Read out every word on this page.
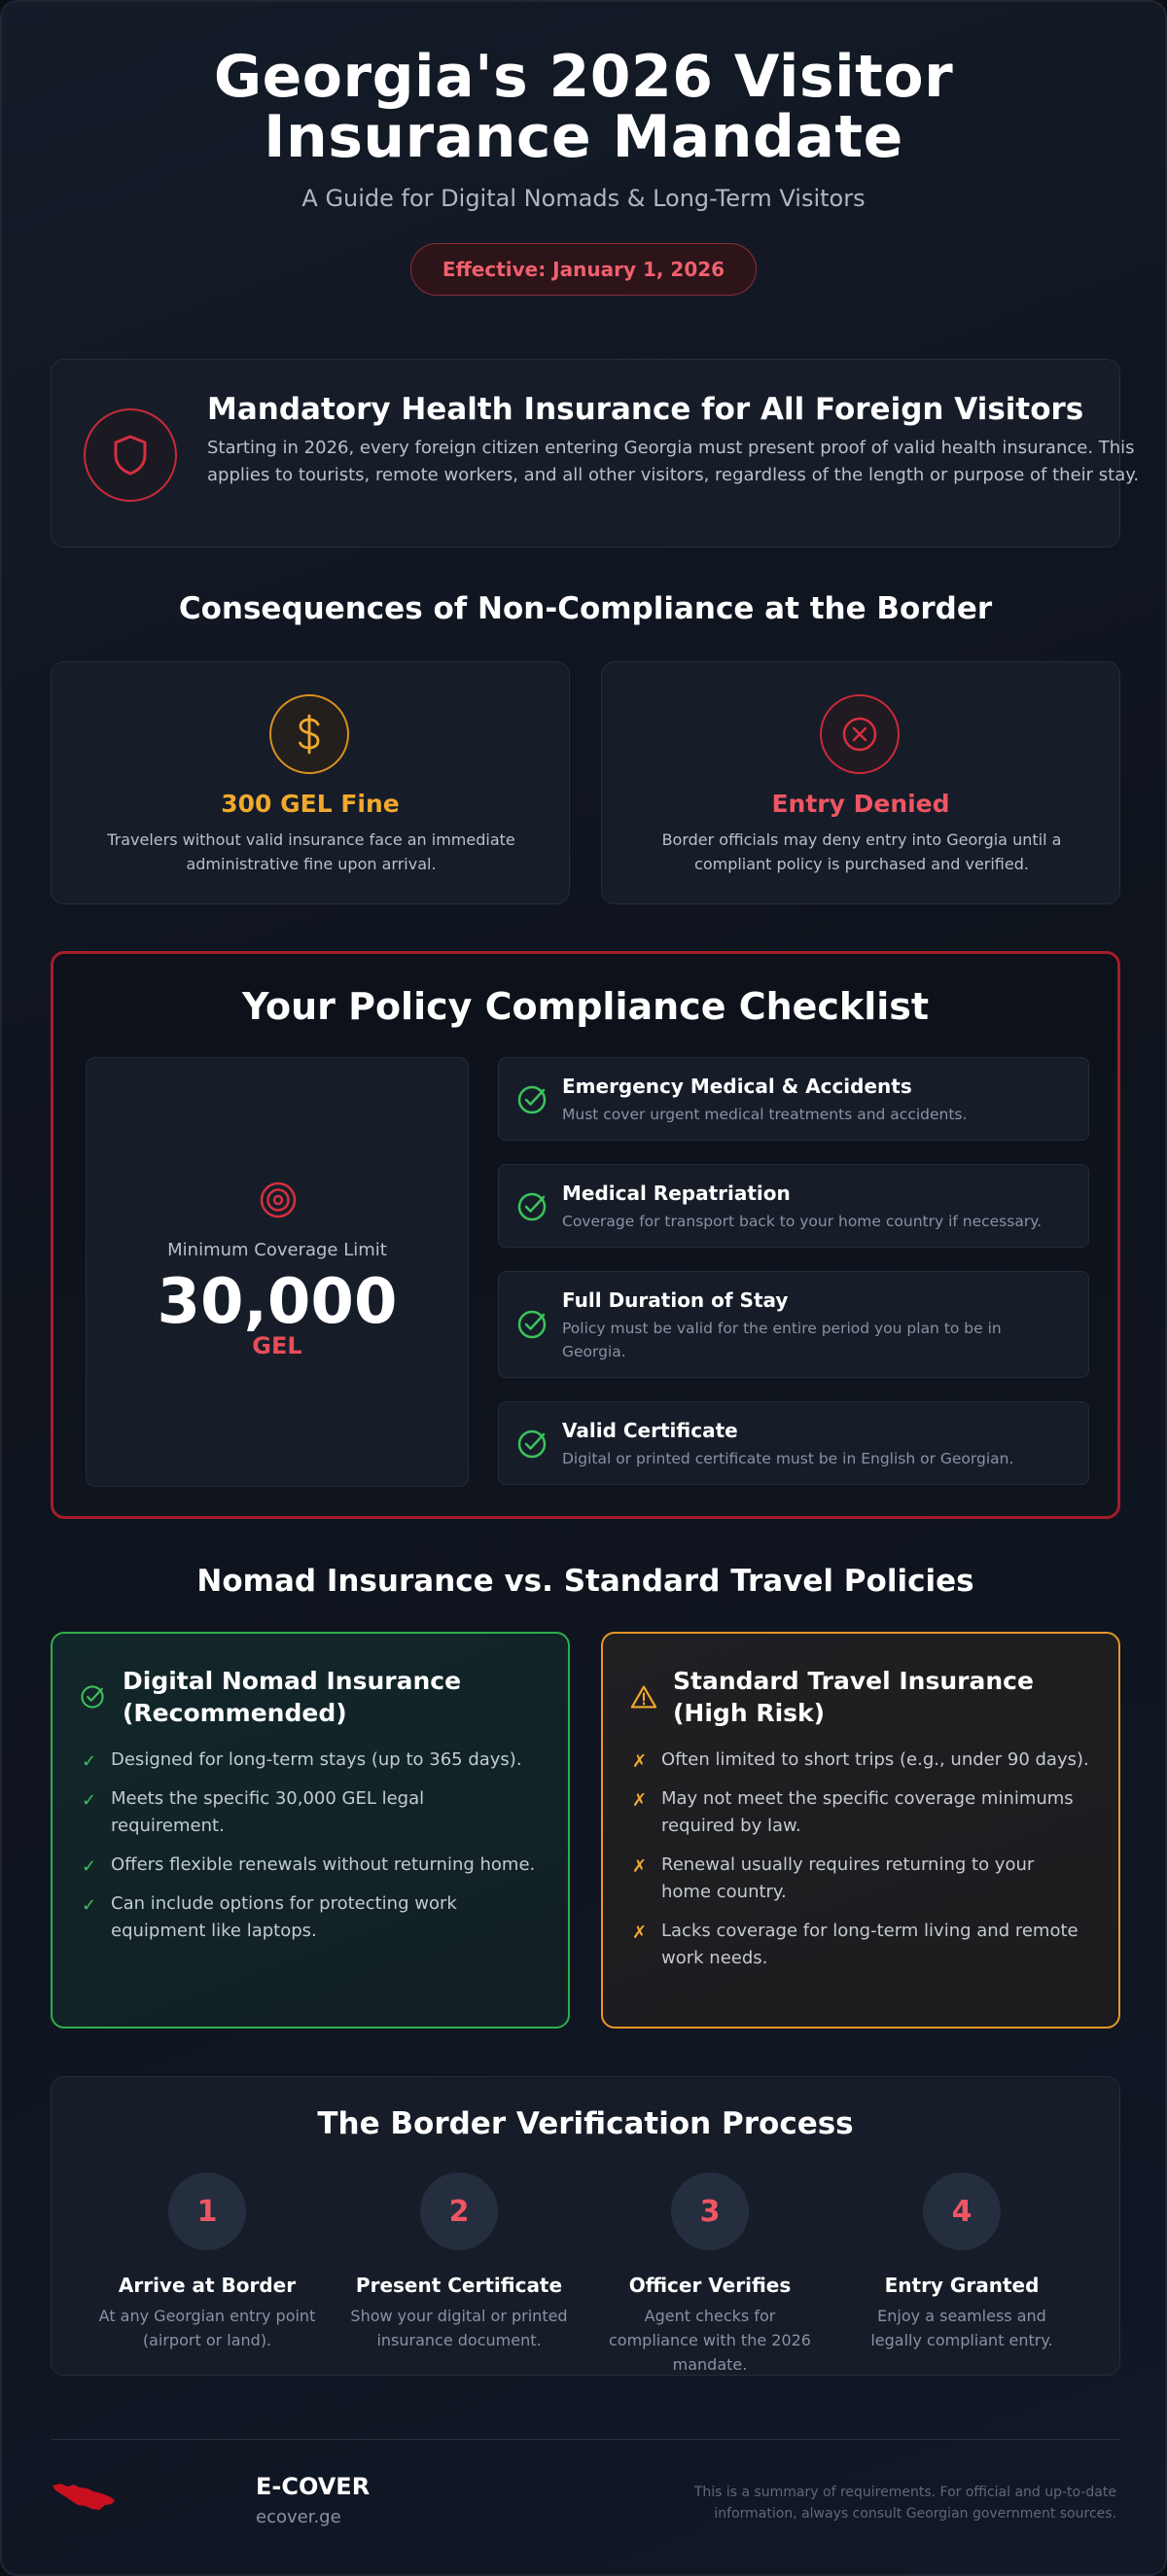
Georgia's 2026 Visitor Insurance Mandate
A Guide for Digital Nomads & Long-Term Visitors
Effective: January 1, 2026
Mandatory Health Insurance for All Foreign Visitors

Starting in 2026, every foreign citizen entering Georgia must present proof of valid health insurance. This applies to tourists, remote workers, and all other visitors, regardless of the length or purpose of their stay.

Consequences of Non-Compliance at the Border
300 GEL Fine

Travelers without valid insurance face an immediate administrative fine upon arrival.

Entry Denied

Border officials may deny entry into Georgia until a compliant policy is purchased and verified.

Your Policy Compliance Checklist
Minimum Coverage Limit
30,000
GEL
Emergency Medical & Accidents

Must cover urgent medical treatments and accidents.

Medical Repatriation

Coverage for transport back to your home country if necessary.

Full Duration of Stay

Policy must be valid for the entire period you plan to be in Georgia.

Valid Certificate

Digital or printed certificate must be in English or Georgian.

Nomad Insurance vs. Standard Travel Policies
Digital Nomad Insurance (Recommended)
✓ Designed for long-term stays (up to 365 days).
✓ Meets the specific 30,000 GEL legal requirement.
✓ Offers flexible renewals without returning home.
✓ Can include options for protecting work equipment like laptops.
Standard Travel Insurance (High Risk)
✗ Often limited to short trips (e.g., under 90 days).
✗ May not meet the specific coverage minimums required by law.
✗ Renewal usually requires returning to your home country.
✗ Lacks coverage for long-term living and remote work needs.
The Border Verification Process
1
Arrive at Border

At any Georgian entry point (airport or land).

2
Present Certificate

Show your digital or printed insurance document.

3
Officer Verifies

Agent checks for compliance with the 2026 mandate.

4
Entry Granted

Enjoy a seamless and legally compliant entry.

E-COVER
ecover.ge
This is a summary of requirements. For official and up-to-date information, always consult Georgian government sources.
